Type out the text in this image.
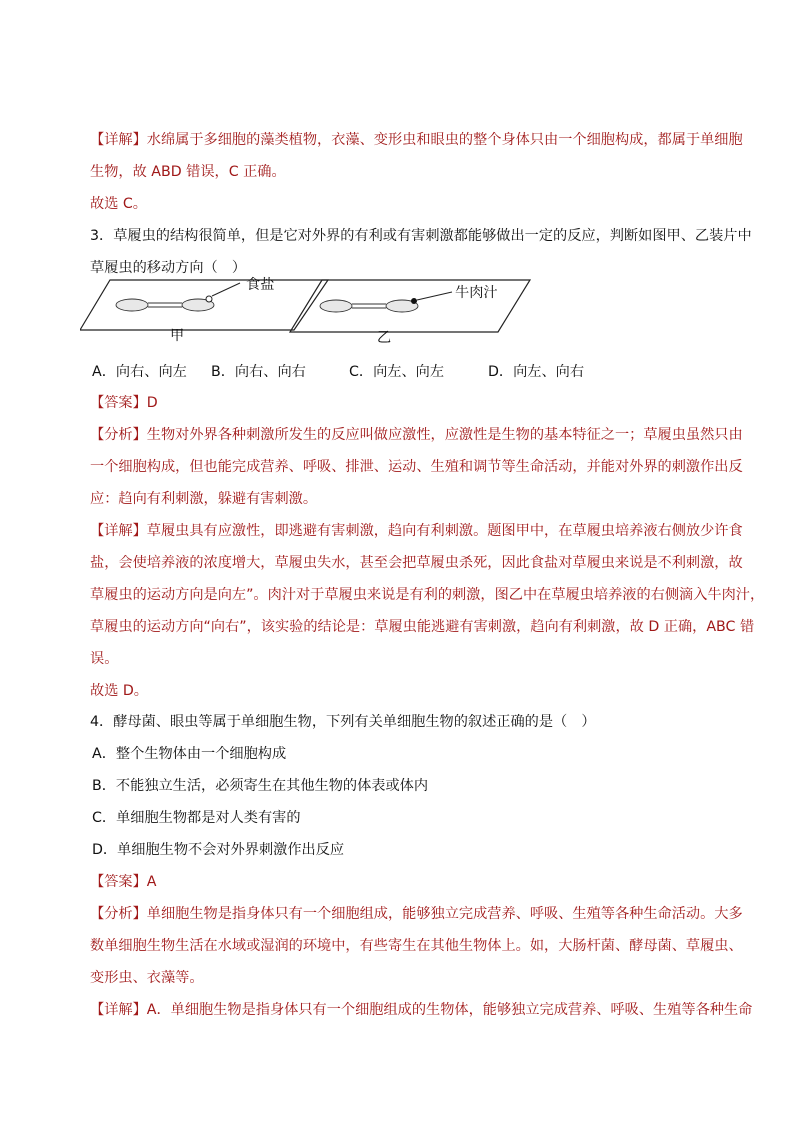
【详解】水绵属于多细胞的藻类植物，衣藻、变形虫和眼虫的整个身体只由一个细胞构成，都属于单细胞
生物，故 ABD 错误，C 正确。
故选 C。
3．草履虫的结构很简单，但是它对外界的有利或有害刺激都能够做出一定的反应，判断如图甲、乙装片中
草履虫的移动方向（　）
食盐	牛肉汁
甲	乙
A．向右、向左 B．向右、向右	C．向左、向左	D．向左、向右
【答案】D
【分析】生物对外界各种刺激所发生的反应叫做应激性，应激性是生物的基本特征之一；草履虫虽然只由
一个细胞构成，但也能完成营养、呼吸、排泄、运动、生殖和调节等生命活动，并能对外界的刺激作出反
应：趋向有利刺激，躲避有害刺激。
【详解】草履虫具有应激性，即逃避有害刺激，趋向有利刺激。题图甲中，在草履虫培养液右侧放少许食
盐，会使培养液的浓度增大，草履虫失水，甚至会把草履虫杀死，因此食盐对草履虫来说是不利刺激，故
草履虫的运动方向是向左”。肉汁对于草履虫来说是有利的刺激，图乙中在草履虫培养液的右侧滴入牛肉汁，
草履虫的运动方向“向右”，该实验的结论是：草履虫能逃避有害刺激，趋向有利刺激，故 D 正确，ABC 错
误。
故选 D。
4．酵母菌、眼虫等属于单细胞生物，下列有关单细胞生物的叙述正确的是（　）
A．整个生物体由一个细胞构成
B．不能独立生活，必须寄生在其他生物的体表或体内
C．单细胞生物都是对人类有害的
D．单细胞生物不会对外界刺激作出反应
【答案】A
【分析】单细胞生物是指身体只有一个细胞组成，能够独立完成营养、呼吸、生殖等各种生命活动。大多
数单细胞生物生活在水域或湿润的环境中，有些寄生在其他生物体上。如，大肠杆菌、酵母菌、草履虫、
变形虫、衣藻等。
【详解】A．单细胞生物是指身体只有一个细胞组成的生物体，能够独立完成营养、呼吸、生殖等各种生命
